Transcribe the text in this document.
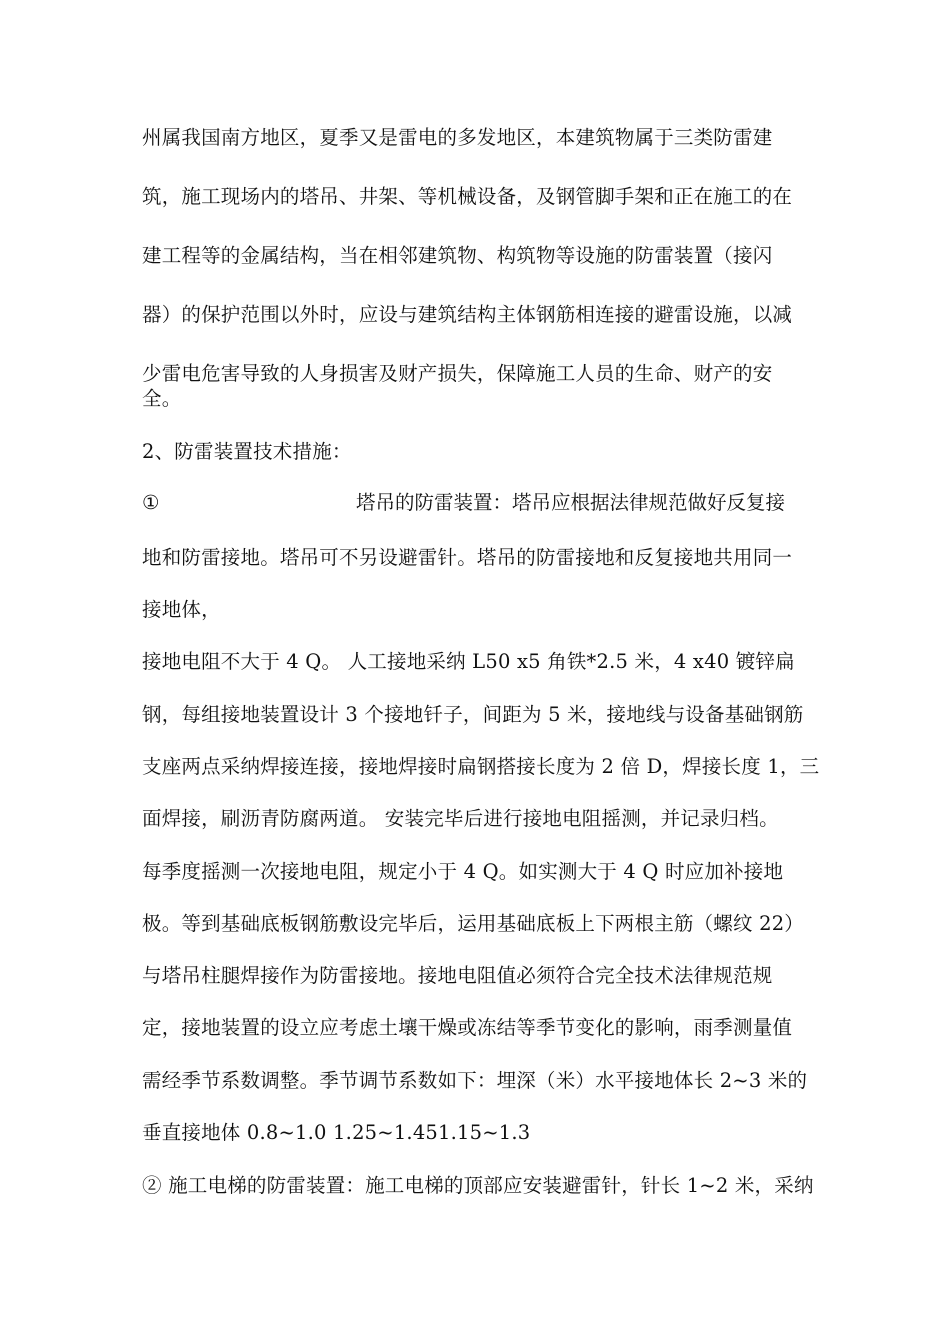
州属我国南方地区，夏季又是雷电的多发地区，本建筑物属于三类防雷建
筑，施工现场内的塔吊、井架、等机械设备，及钢管脚手架和正在施工的在
建工程等的金属结构，当在相邻建筑物、构筑物等设施的防雷装置（接闪
器）的保护范围以外时，应设与建筑结构主体钢筋相连接的避雷设施，以减
少雷电危害导致的人身损害及财产损失，保障施工人员的生命、财产的安
全。
2、防雷装置技术措施：
①	塔吊的防雷装置：塔吊应根据法律规范做好反复接
地和防雷接地。塔吊可不另设避雷针。塔吊的防雷接地和反复接地共用同一
接地体，
接地电阻不大于 4 Q。 人工接地采纳 L50 x5 角铁*2.5 米，4 x40 镀锌扁
钢，每组接地装置设计 3 个接地钎子，间距为 5 米，接地线与设备基础钢筋
支座两点采纳焊接连接，接地焊接时扁钢搭接长度为 2 倍 D，焊接长度 1，三
面焊接，刷沥青防腐两道。 安装完毕后进行接地电阻摇测，并记录归档。
每季度摇测一次接地电阻，规定小于 4 Q。如实测大于 4 Q 时应加补接地
极。等到基础底板钢筋敷设完毕后，运用基础底板上下两根主筋（螺纹 22）
与塔吊柱腿焊接作为防雷接地。接地电阻值必须符合完全技术法律规范规
定，接地装置的设立应考虑土壤干燥或冻结等季节变化的影响，雨季测量值
需经季节系数调整。季节调节系数如下：埋深（米）水平接地体长 2~3 米的
垂直接地体 0.8~1.0 1.25~1.451.15~1.3
② 施工电梯的防雷装置：施工电梯的顶部应安装避雷针，针长 1~2 米，采纳
